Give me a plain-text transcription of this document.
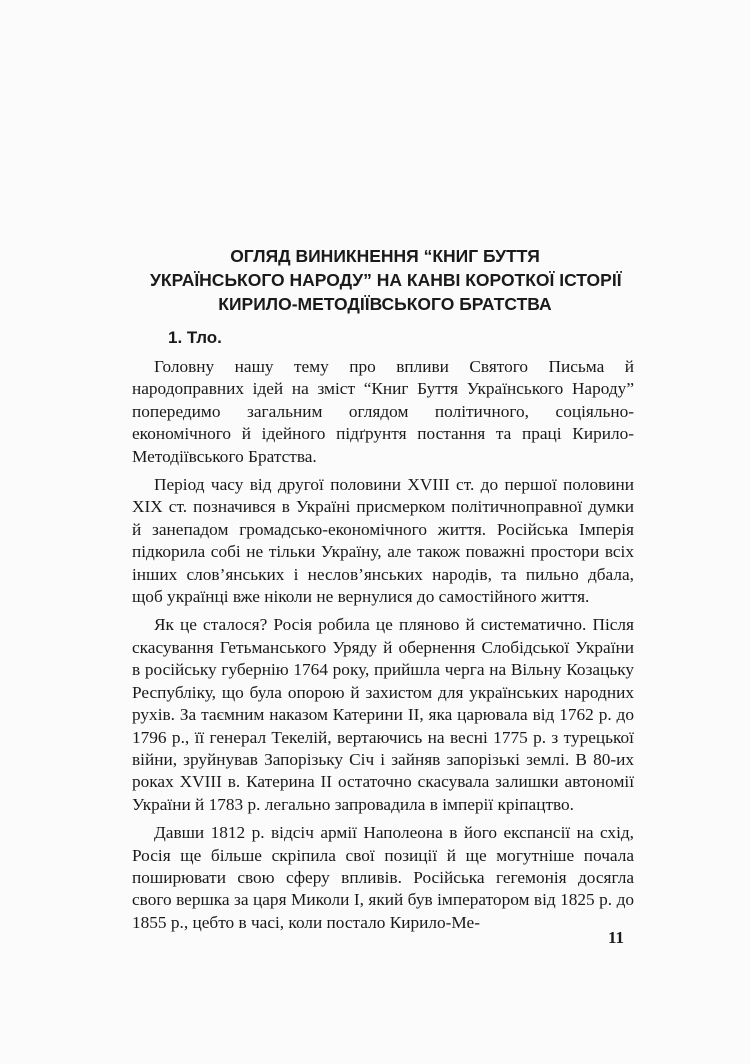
ОГЛЯД ВИНИКНЕННЯ “КНИГ БУТТЯ
УКРАЇНСЬКОГО НАРОДУ” НА КАНВІ КОРОТКОЇ ІСТОРІЇ
КИРИЛО-МЕТОДІЇВСЬКОГО БРАТСТВА
1. Тло.

Головну нашу тему про впливи Святого Письма й народоправних ідей на зміст “Книг Буття Українського Народу” попередимо загальним оглядом політичного, соціяльно-економічного й ідейного підґрунтя постання та праці Кирило-Методіївського Братства.

Період часу від другої половини XVIII ст. до першої половини XIX ст. позначився в Україні присмерком політичноправної думки й занепадом громадсько-економічного життя. Російська Імперія підкорила собі не тільки Україну, але також поважні простори всіх інших слов’янських і неслов’янських народів, та пильно дбала, щоб українці вже ніколи не вернулися до самостійного життя.

Як це сталося? Росія робила це пляново й систематично. Після скасування Гетьманського Уряду й обернення Слобідської України в російську губернію 1764 року, прийшла черга на Вільну Козацьку Республіку, що була опорою й захистом для українських народних рухів. За таємним наказом Катерини II, яка царювала від 1762 р. до 1796 р., її генерал Текелій, вертаючись на весні 1775 р. з турецької війни, зруйнував Запорізьку Січ і зайняв запорізькі землі. В 80-их роках XVIII в. Катерина II остаточно скасувала залишки автономії України й 1783 р. легально запровадила в імперії кріпацтво.

Давши 1812 р. відсіч армії Наполеона в його експансії на схід, Росія ще більше скріпила свої позиції й ще могутніше почала поширювати свою сферу впливів. Російська гегемонія досягла свого вершка за царя Миколи I, який був імператором від 1825 р. до 1855 р., цебто в часі, коли постало Кирило-Ме-

11
